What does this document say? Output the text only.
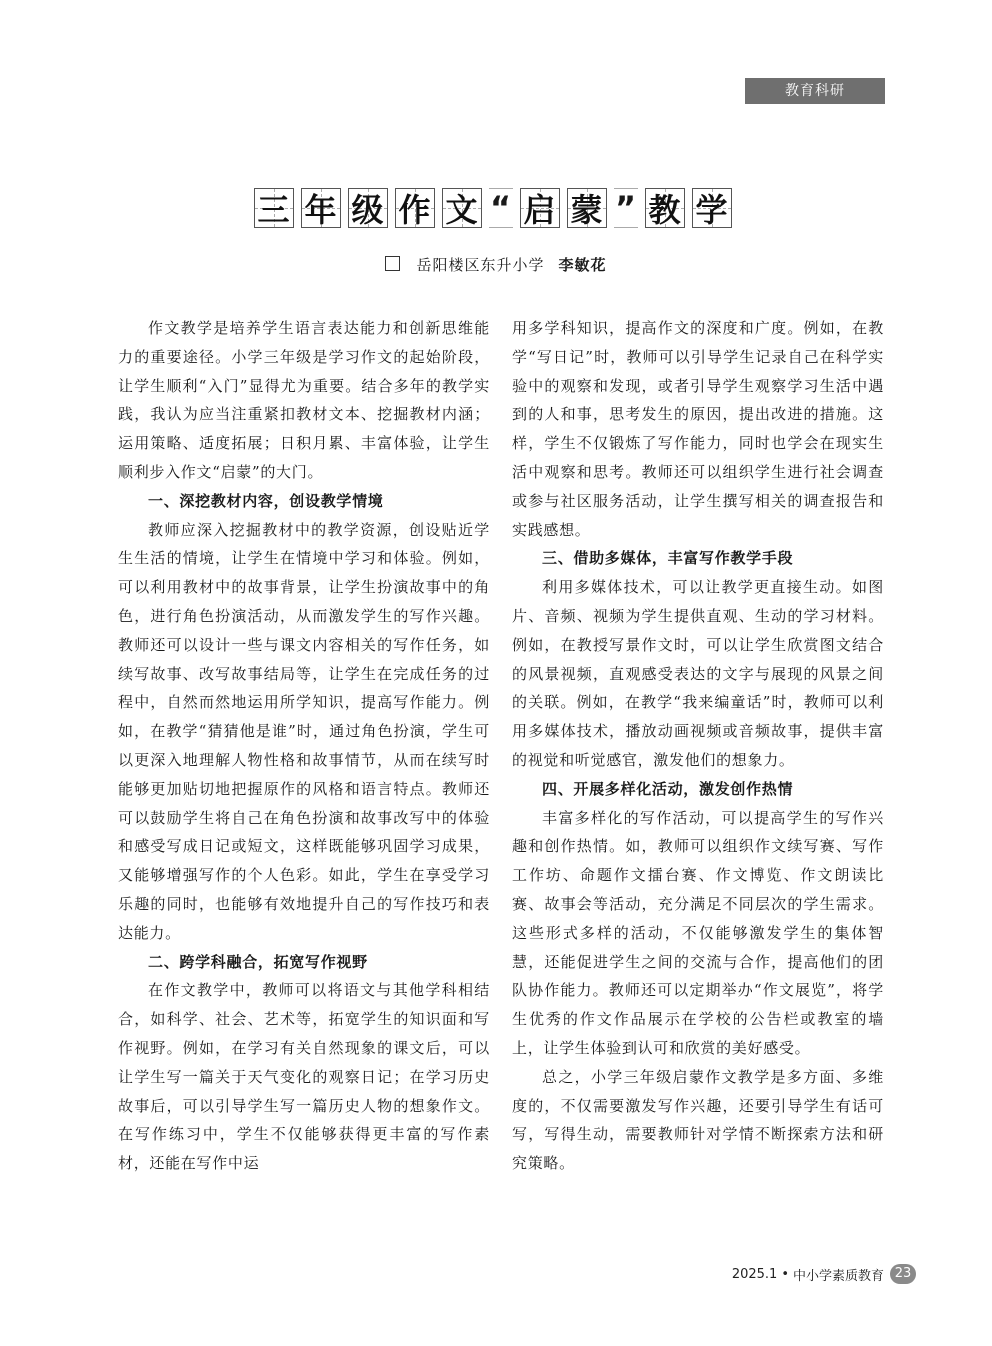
教育科研
三 年 级 作 文 “ 启 蒙 ” 教 学
岳阳楼区东升小学 李敏花

作文教学是培养学生语言表达能力和创新思维能力的重要途径。小学三年级是学习作文的起始阶段，让学生顺利“入门”显得尤为重要。结合多年的教学实践，我认为应当注重紧扣教材文本、挖掘教材内涵；运用策略、适度拓展；日积月累、丰富体验，让学生顺利步入作文“启蒙”的大门。

一、深挖教材内容，创设教学情境

教师应深入挖掘教材中的教学资源，创设贴近学生生活的情境，让学生在情境中学习和体验。例如，可以利用教材中的故事背景，让学生扮演故事中的角色，进行角色扮演活动，从而激发学生的写作兴趣。教师还可以设计一些与课文内容相关的写作任务，如续写故事、改写故事结局等，让学生在完成任务的过程中，自然而然地运用所学知识，提高写作能力。例如，在教学“猜猜他是谁”时，通过角色扮演，学生可以更深入地理解人物性格和故事情节，从而在续写时能够更加贴切地把握原作的风格和语言特点。教师还可以鼓励学生将自己在角色扮演和故事改写中的体验和感受写成日记或短文，这样既能够巩固学习成果，又能够增强写作的个人色彩。如此，学生在享受学习乐趣的同时，也能够有效地提升自己的写作技巧和表达能力。

二、跨学科融合，拓宽写作视野

在作文教学中，教师可以将语文与其他学科相结合，如科学、社会、艺术等，拓宽学生的知识面和写作视野。例如，在学习有关自然现象的课文后，可以让学生写一篇关于天气变化的观察日记；在学习历史故事后，可以引导学生写一篇历史人物的想象作文。在写作练习中，学生不仅能够获得更丰富的写作素材，还能在写作中运

用多学科知识，提高作文的深度和广度。例如，在教学“写日记”时，教师可以引导学生记录自己在科学实验中的观察和发现，或者引导学生观察学习生活中遇到的人和事，思考发生的原因，提出改进的措施。这样，学生不仅锻炼了写作能力，同时也学会在现实生活中观察和思考。教师还可以组织学生进行社会调查或参与社区服务活动，让学生撰写相关的调查报告和实践感想。

三、借助多媒体，丰富写作教学手段

利用多媒体技术，可以让教学更直接生动。如图片、音频、视频为学生提供直观、生动的学习材料。例如，在教授写景作文时，可以让学生欣赏图文结合的风景视频，直观感受表达的文字与展现的风景之间的关联。例如，在教学“我来编童话”时，教师可以利用多媒体技术，播放动画视频或音频故事，提供丰富的视觉和听觉感官，激发他们的想象力。

四、开展多样化活动，激发创作热情

丰富多样化的写作活动，可以提高学生的写作兴趣和创作热情。如，教师可以组织作文续写赛、写作工作坊、命题作文擂台赛、作文博览、作文朗读比赛、故事会等活动，充分满足不同层次的学生需求。这些形式多样的活动，不仅能够激发学生的集体智慧，还能促进学生之间的交流与合作，提高他们的团队协作能力。教师还可以定期举办“作文展览”，将学生优秀的作文作品展示在学校的公告栏或教室的墙上，让学生体验到认可和欣赏的美好感受。

总之，小学三年级启蒙作文教学是多方面、多维度的，不仅需要激发写作兴趣，还要引导学生有话可写，写得生动，需要教师针对学情不断探索方法和研究策略。

2025.1 • 中小学素质教育 23
